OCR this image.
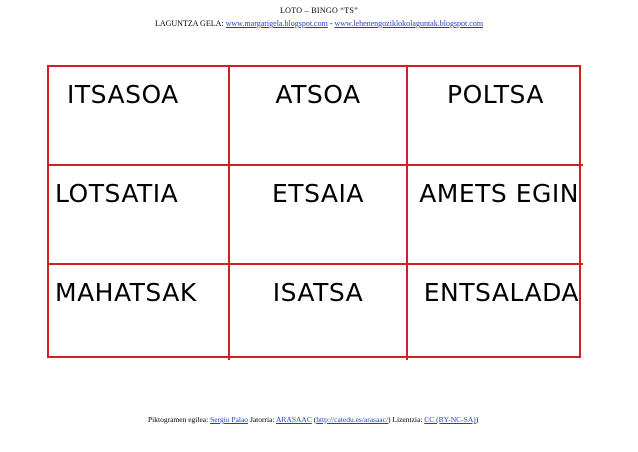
LOTO – BINGO “TS”
LAGUNTZA GELA: www.margarigela.blogspot.com - www.lehenengoziklokolaguntak.blogspot.com
ITSASOA	ATSOA	POLTSA
LOTSATIA	ETSAIA	AMETS EGIN
MAHATSAK	ISATSA	ENTSALADA
Piktogramen egilea: Sergio Palao Jatorria: ARASAAC (http://catedu.es/arasaac/) Lizentzia: CC (BY-NC-SA))
